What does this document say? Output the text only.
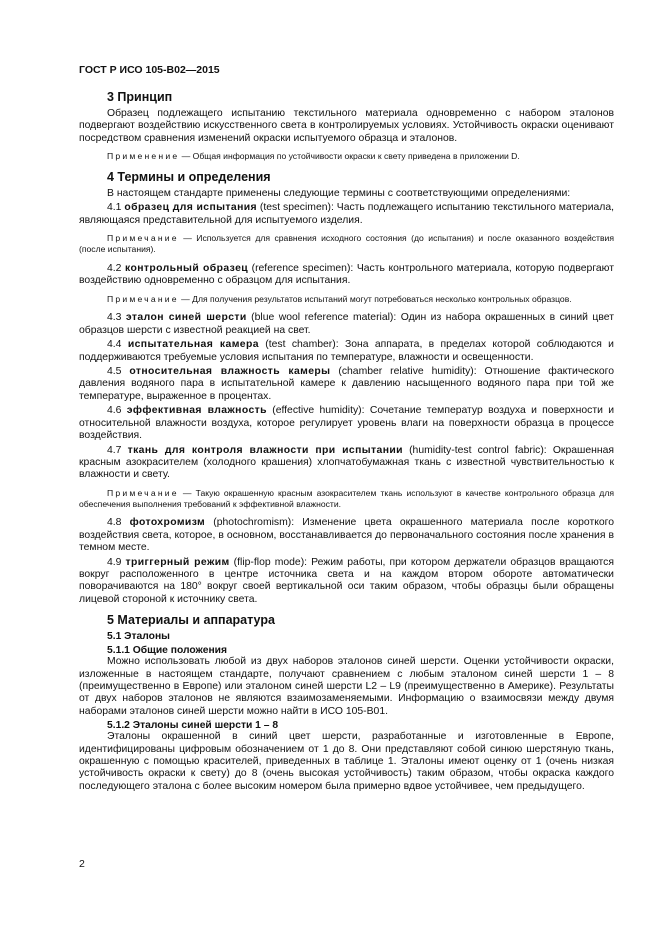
ГОСТ Р ИСО 105-В02—2015
3 Принцип

Образец подлежащего испытанию текстильного материала одновременно с набором эталонов подвергают воздействию искусственного света в контролируемых условиях. Устойчивость окраски оценивают посредством сравнения изменений окраски испытуемого образца и эталонов.

Применение — Общая информация по устойчивости окраски к свету приведена в приложении D.

4 Термины и определения

В настоящем стандарте применены следующие термины с соответствующими определениями:

4.1 образец для испытания (test specimen): Часть подлежащего испытанию текстильного материала, являющаяся представительной для испытуемого изделия.

Примечание — Используется для сравнения исходного состояния (до испытания) и после оказанного воздействия (после испытания).

4.2 контрольный образец (reference specimen): Часть контрольного материала, которую подвергают воздействию одновременно с образцом для испытания.

Примечание — Для получения результатов испытаний могут потребоваться несколько контрольных образцов.

4.3 эталон синей шерсти (blue wool reference material): Один из набора окрашенных в синий цвет образцов шерсти с известной реакцией на свет.

4.4 испытательная камера (test chamber): Зона аппарата, в пределах которой соблюдаются и поддерживаются требуемые условия испытания по температуре, влажности и освещенности.

4.5 относительная влажность камеры (chamber relative humidity): Отношение фактического давления водяного пара в испытательной камере к давлению насыщенного водяного пара при той же температуре, выраженное в процентах.

4.6 эффективная влажность (effective humidity): Сочетание температур воздуха и поверхности и относительной влажности воздуха, которое регулирует уровень влаги на поверхности образца в процессе воздействия.

4.7 ткань для контроля влажности при испытании (humidity-test control fabric): Окрашенная красным азокрасителем (холодного крашения) хлопчатобумажная ткань с известной чувствительностью к влажности и свету.

Примечание — Такую окрашенную красным азокрасителем ткань используют в качестве контрольного образца для обеспечения выполнения требований к эффективной влажности.

4.8 фотохромизм (photochromism): Изменение цвета окрашенного материала после короткого воздействия света, которое, в основном, восстанавливается до первоначального состояния после хранения в темном месте.

4.9 триггерный режим (flip-flop mode): Режим работы, при котором держатели образцов вращаются вокруг расположенного в центре источника света и на каждом втором обороте автоматически поворачиваются на 180° вокруг своей вертикальной оси таким образом, чтобы образцы были обращены лицевой стороной к источнику света.

5 Материалы и аппаратура
5.1 Эталоны
5.1.1 Общие положения

Можно использовать любой из двух наборов эталонов синей шерсти. Оценки устойчивости окраски, изложенные в настоящем стандарте, получают сравнением с любым эталоном синей шерсти 1 – 8 (преимущественно в Европе) или эталоном синей шерсти L2 – L9 (преимущественно в Америке). Результаты от двух наборов эталонов не являются взаимозаменяемыми. Информацию о взаимосвязи между двумя наборами эталонов синей шерсти можно найти в ИСО 105-В01.

5.1.2 Эталоны синей шерсти 1 – 8

Эталоны окрашенной в синий цвет шерсти, разработанные и изготовленные в Европе, идентифицированы цифровым обозначением от 1 до 8. Они представляют собой синюю шерстяную ткань, окрашенную с помощью красителей, приведенных в таблице 1. Эталоны имеют оценку от 1 (очень низкая устойчивость окраски к свету) до 8 (очень высокая устойчивость) таким образом, чтобы окраска каждого последующего эталона с более высоким номером была примерно вдвое устойчивее, чем предыдущего.

2
